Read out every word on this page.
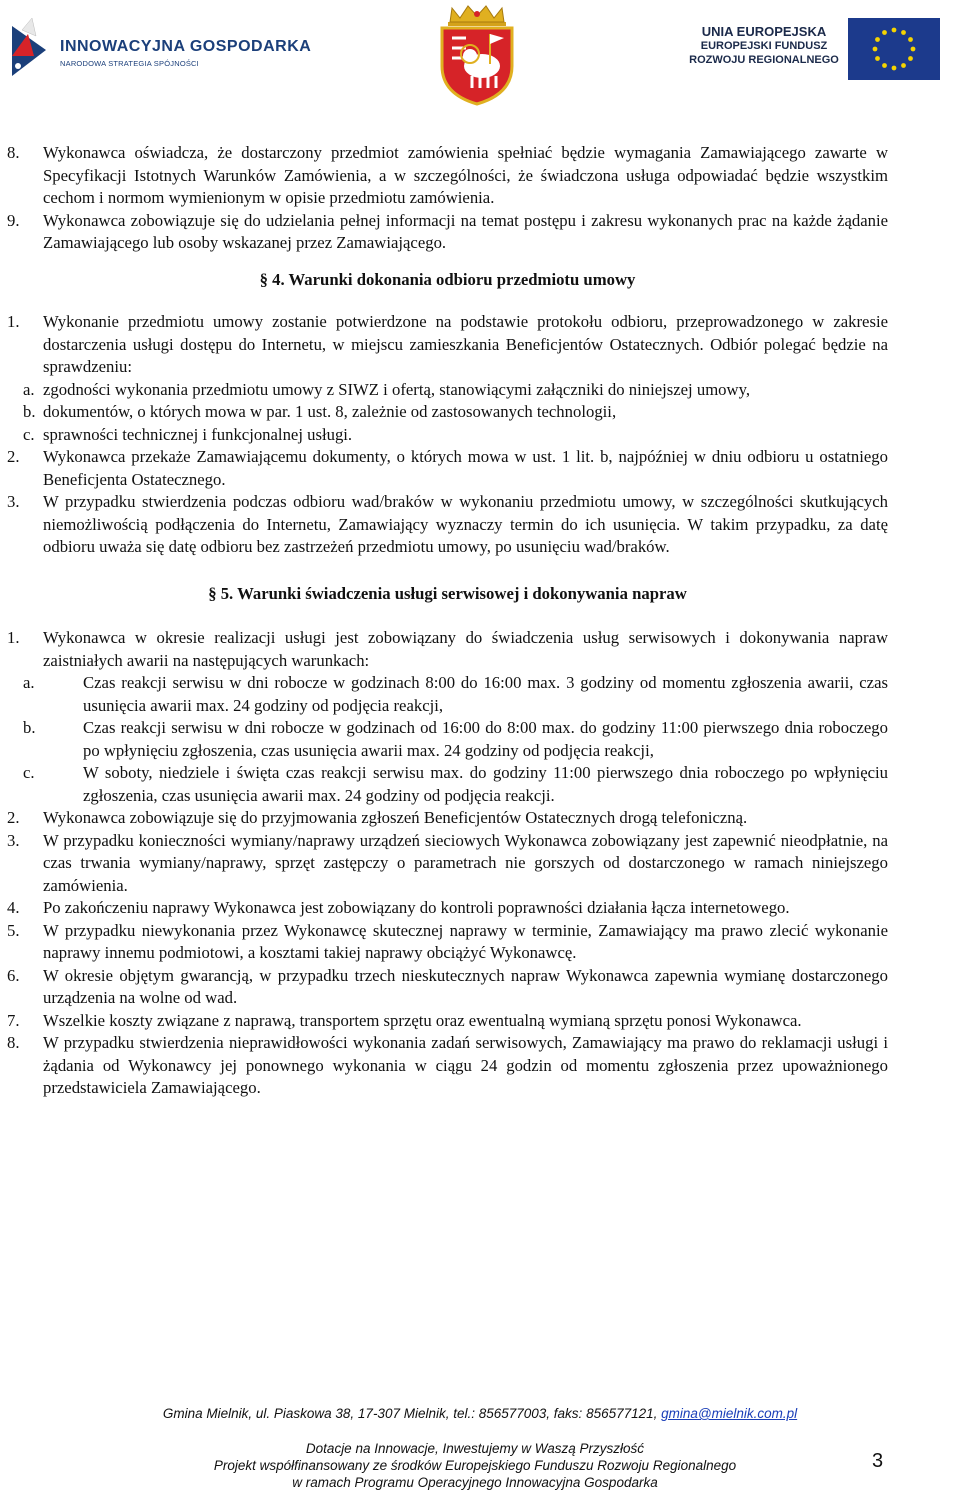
INNOWACYJNA GOSPODARKA
NARODOWA STRATEGIA SPÓJNOŚCI
UNIA EUROPEJSKA
EUROPEJSKI FUNDUSZ
ROZWOJU REGIONALNEGO
8.	Wykonawca oświadcza, że dostarczony przedmiot zamówienia spełniać będzie wymagania Zamawiającego zawarte w Specyfikacji Istotnych Warunków Zamówienia, a w szczególności, że świadczona usługa odpowiadać będzie wszystkim cechom i normom wymienionym w opisie przedmiotu zamówienia.
9.	Wykonawca zobowiązuje się do udzielania pełnej informacji na temat postępu i zakresu wykonanych prac na każde żądanie Zamawiającego lub osoby wskazanej przez Zamawiającego.
§ 4. Warunki dokonania odbioru przedmiotu umowy
1.	Wykonanie przedmiotu umowy zostanie potwierdzone na podstawie protokołu odbioru, przeprowadzonego w zakresie dostarczenia usługi dostępu do Internetu, w miejscu zamieszkania Beneficjentów Ostatecznych. Odbiór polegać będzie na sprawdzeniu:
a. zgodności wykonania przedmiotu umowy z SIWZ i ofertą, stanowiącymi załączniki do niniejszej umowy,
b. dokumentów, o których mowa w par. 1 ust. 8, zależnie od zastosowanych technologii,
c. sprawności technicznej i funkcjonalnej usługi.
2.	Wykonawca przekaże Zamawiającemu dokumenty, o których mowa w ust. 1 lit. b, najpóźniej w dniu odbioru u ostatniego Beneficjenta Ostatecznego.
3.	W przypadku stwierdzenia podczas odbioru wad/braków w wykonaniu przedmiotu umowy, w szczególności skutkujących niemożliwością podłączenia do Internetu, Zamawiający wyznaczy termin do ich usunięcia. W takim przypadku, za datę odbioru uważa się datę odbioru bez zastrzeżeń przedmiotu umowy, po usunięciu wad/braków.
§ 5. Warunki świadczenia usługi serwisowej i dokonywania napraw
1.	Wykonawca w okresie realizacji usługi jest zobowiązany do świadczenia usług serwisowych i dokonywania napraw zaistniałych awarii na następujących warunkach:
a.	Czas reakcji serwisu w dni robocze w godzinach 8:00 do 16:00 max. 3 godziny od momentu zgłoszenia awarii, czas usunięcia awarii max. 24 godziny od podjęcia reakcji,
b.	Czas reakcji serwisu w dni robocze w godzinach od 16:00 do 8:00 max. do godziny 11:00 pierwszego dnia roboczego po wpłynięciu zgłoszenia, czas usunięcia awarii max. 24 godziny od podjęcia reakcji,
c.	W soboty, niedziele i święta czas reakcji serwisu max. do godziny 11:00 pierwszego dnia roboczego po wpłynięciu zgłoszenia, czas usunięcia awarii max. 24 godziny od podjęcia reakcji.
2.	Wykonawca zobowiązuje się do przyjmowania zgłoszeń Beneficjentów Ostatecznych drogą telefoniczną.
3.	W przypadku konieczności wymiany/naprawy urządzeń sieciowych Wykonawca zobowiązany jest zapewnić nieodpłatnie, na czas trwania wymiany/naprawy, sprzęt zastępczy o parametrach nie gorszych od dostarczonego w ramach niniejszego zamówienia.
4.	Po zakończeniu naprawy Wykonawca jest zobowiązany do kontroli poprawności działania łącza internetowego.
5.	W przypadku niewykonania przez Wykonawcę skutecznej naprawy w terminie, Zamawiający ma prawo zlecić wykonanie naprawy innemu podmiotowi, a kosztami takiej naprawy obciążyć Wykonawcę.
6.	W okresie objętym gwarancją, w przypadku trzech nieskutecznych napraw Wykonawca zapewnia wymianę dostarczonego urządzenia na wolne od wad.
7.	Wszelkie koszty związane z naprawą, transportem sprzętu oraz ewentualną wymianą sprzętu ponosi Wykonawca.
8.	W przypadku stwierdzenia nieprawidłowości wykonania zadań serwisowych, Zamawiający ma prawo do reklamacji usługi i żądania od Wykonawcy jej ponownego wykonania w ciągu 24 godzin od momentu zgłoszenia przez upoważnionego przedstawiciela Zamawiającego.
Gmina Mielnik, ul. Piaskowa 38, 17-307 Mielnik, tel.: 856577003, faks: 856577121, gmina@mielnik.com.pl
Dotacje na Innowacje, Inwestujemy w Waszą Przyszłość
Projekt współfinansowany ze środków Europejskiego Funduszu Rozwoju Regionalnego
w ramach Programu Operacyjnego Innowacyjna Gospodarka
3
